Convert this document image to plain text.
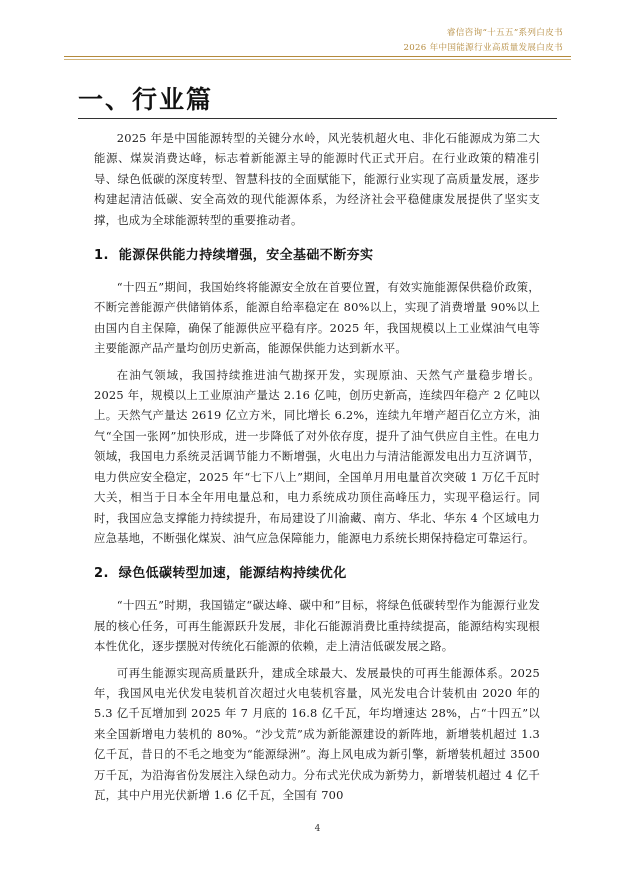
睿信咨询“十五五”系列白皮书
2026 年中国能源行业高质量发展白皮书
一、行业篇

2025 年是中国能源转型的关键分水岭，风光装机超火电、非化石能源成为第二大能源、煤炭消费达峰，标志着新能源主导的能源时代正式开启。在行业政策的精准引导、绿色低碳的深度转型、智慧科技的全面赋能下，能源行业实现了高质量发展，逐步构建起清洁低碳、安全高效的现代能源体系，为经济社会平稳健康发展提供了坚实支撑，也成为全球能源转型的重要推动者。

1. 能源保供能力持续增强，安全基础不断夯实

“十四五”期间，我国始终将能源安全放在首要位置，有效实施能源保供稳价政策，不断完善能源产供储销体系，能源自给率稳定在 80%以上，实现了消费增量 90%以上由国内自主保障，确保了能源供应平稳有序。2025 年，我国规模以上工业煤油气电等主要能源产品产量均创历史新高，能源保供能力达到新水平。

在油气领域，我国持续推进油气勘探开发，实现原油、天然气产量稳步增长。2025 年，规模以上工业原油产量达 2.16 亿吨，创历史新高，连续四年稳产 2 亿吨以上。天然气产量达 2619 亿立方米，同比增长 6.2%，连续九年增产超百亿立方米，油气“全国一张网”加快形成，进一步降低了对外依存度，提升了油气供应自主性。在电力领域，我国电力系统灵活调节能力不断增强，火电出力与清洁能源发电出力互济调节，电力供应安全稳定，2025 年“七下八上”期间，全国单月用电量首次突破 1 万亿千瓦时大关，相当于日本全年用电量总和，电力系统成功顶住高峰压力，实现平稳运行。同时，我国应急支撑能力持续提升，布局建设了川渝藏、南方、华北、华东 4 个区域电力应急基地，不断强化煤炭、油气应急保障能力，能源电力系统长期保持稳定可靠运行。

2. 绿色低碳转型加速，能源结构持续优化

“十四五”时期，我国锚定“碳达峰、碳中和”目标，将绿色低碳转型作为能源行业发展的核心任务，可再生能源跃升发展，非化石能源消费比重持续提高，能源结构实现根本性优化，逐步摆脱对传统化石能源的依赖，走上清洁低碳发展之路。

可再生能源实现高质量跃升，建成全球最大、发展最快的可再生能源体系。2025 年，我国风电光伏发电装机首次超过火电装机容量，风光发电合计装机由 2020 年的 5.3 亿千瓦增加到 2025 年 7 月底的 16.8 亿千瓦，年均增速达 28%，占“十四五”以来全国新增电力装机的 80%。“沙戈荒”成为新能源建设的新阵地，新增装机超过 1.3 亿千瓦，昔日的不毛之地变为“能源绿洲”。海上风电成为新引擎，新增装机超过 3500 万千瓦，为沿海省份发展注入绿色动力。分布式光伏成为新势力，新增装机超过 4 亿千瓦，其中户用光伏新增 1.6 亿千瓦，全国有 700

4
